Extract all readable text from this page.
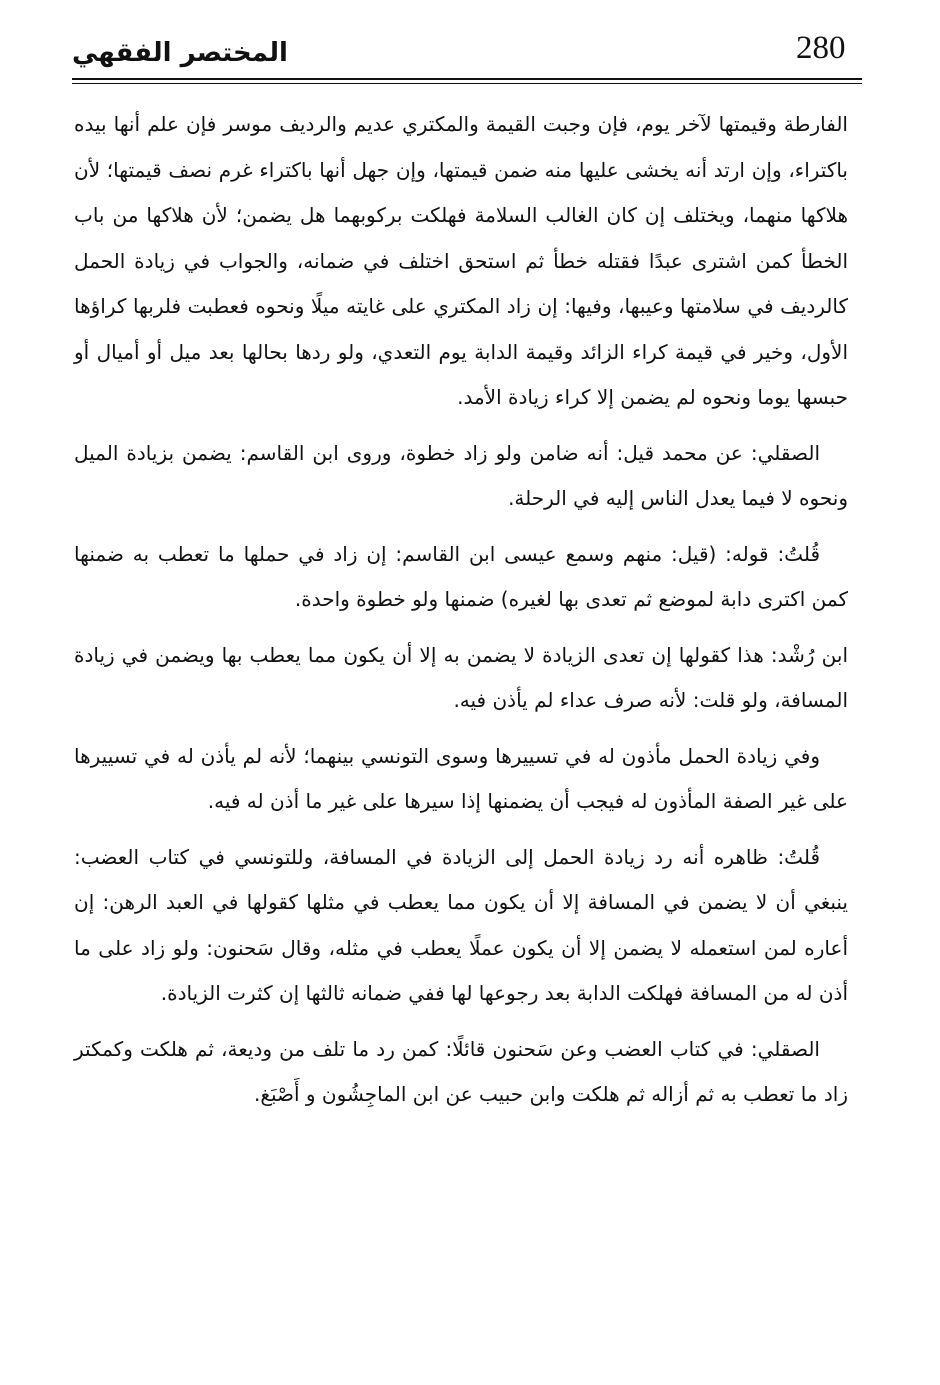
280
المختصر الفقهي

الفارطة وقيمتها لآخر يوم، فإن وجبت القيمة والمكتري عديم والرديف موسر فإن علم أنها بيده باكتراء، وإن ارتد أنه يخشى عليها منه ضمن قيمتها، وإن جهل أنها باكتراء غرم نصف قيمتها؛ لأن هلاكها منهما، ويختلف إن كان الغالب السلامة فهلكت بركوبهما هل يضمن؛ لأن هلاكها من باب الخطأ كمن اشترى عبدًا فقتله خطأ ثم استحق اختلف في ضمانه، والجواب في زيادة الحمل كالرديف في سلامتها وعيبها، وفيها: إن زاد المكتري على غايته ميلًا ونحوه فعطبت فلربها كراؤها الأول، وخير في قيمة كراء الزائد وقيمة الدابة يوم التعدي، ولو ردها بحالها بعد ميل أو أميال أو حبسها يوما ونحوه لم يضمن إلا كراء زيادة الأمد.

الصقلي: عن محمد قيل: أنه ضامن ولو زاد خطوة، وروى ابن القاسم: يضمن بزيادة الميل ونحوه لا فيما يعدل الناس إليه في الرحلة.

قُلتُ: قوله: (قيل: منهم وسمع عيسى ابن القاسم: إن زاد في حملها ما تعطب به ضمنها كمن اكترى دابة لموضع ثم تعدى بها لغيره) ضمنها ولو خطوة واحدة.

ابن رُشْد: هذا كقولها إن تعدى الزيادة لا يضمن به إلا أن يكون مما يعطب بها ويضمن في زيادة المسافة، ولو قلت: لأنه صرف عداء لم يأذن فيه.

وفي زيادة الحمل مأذون له في تسييرها وسوى التونسي بينهما؛ لأنه لم يأذن له في تسييرها على غير الصفة المأذون له فيجب أن يضمنها إذا سيرها على غير ما أذن له فيه.

قُلتُ: ظاهره أنه رد زيادة الحمل إلى الزيادة في المسافة، وللتونسي في كتاب العضب: ينبغي أن لا يضمن في المسافة إلا أن يكون مما يعطب في مثلها كقولها في العبد الرهن: إن أعاره لمن استعمله لا يضمن إلا أن يكون عملًا يعطب في مثله، وقال سَحنون: ولو زاد على ما أذن له من المسافة فهلكت الدابة بعد رجوعها لها ففي ضمانه ثالثها إن كثرت الزيادة.

الصقلي: في كتاب العضب وعن سَحنون قائلًا: كمن رد ما تلف من وديعة، ثم هلكت وكمكتر زاد ما تعطب به ثم أزاله ثم هلكت وابن حبيب عن ابن الماجِشُون و أَصْبَغ.
